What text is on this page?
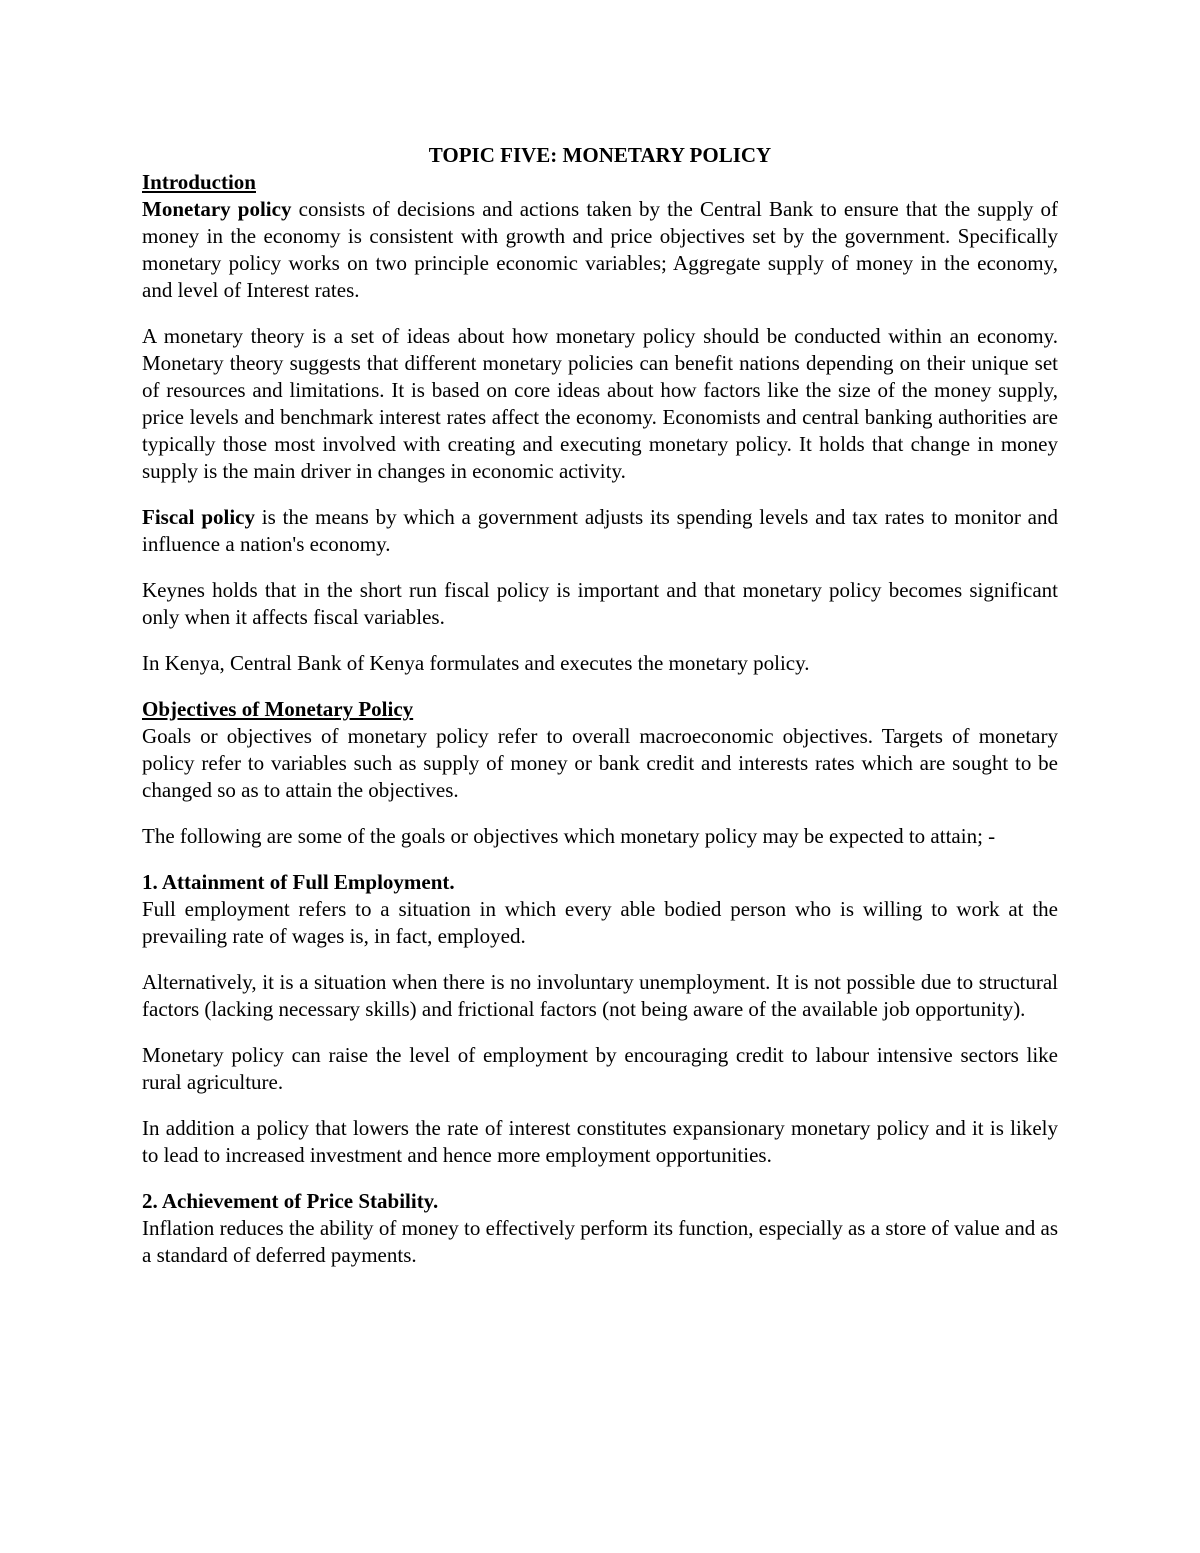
TOPIC FIVE: MONETARY POLICY

Introduction

Monetary policy consists of decisions and actions taken by the Central Bank to ensure that the supply of money in the economy is consistent with growth and price objectives set by the government. Specifically monetary policy works on two principle economic variables; Aggregate supply of money in the economy, and level of Interest rates.

A monetary theory is a set of ideas about how monetary policy should be conducted within an economy. Monetary theory suggests that different monetary policies can benefit nations depending on their unique set of resources and limitations. It is based on core ideas about how factors like the size of the money supply, price levels and benchmark interest rates affect the economy. Economists and central banking authorities are typically those most involved with creating and executing monetary policy. It holds that change in money supply is the main driver in changes in economic activity.

Fiscal policy is the means by which a government adjusts its spending levels and tax rates to monitor and influence a nation's economy.

Keynes holds that in the short run fiscal policy is important and that monetary policy becomes significant only when it affects fiscal variables.

In Kenya, Central Bank of Kenya formulates and executes the monetary policy.

Objectives of Monetary Policy

Goals or objectives of monetary policy refer to overall macroeconomic objectives. Targets of monetary policy refer to variables such as supply of money or bank credit and interests rates which are sought to be changed so as to attain the objectives.

The following are some of the goals or objectives which monetary policy may be expected to attain; -

1. Attainment of Full Employment.

Full employment refers to a situation in which every able bodied person who is willing to work at the prevailing rate of wages is, in fact, employed.

Alternatively, it is a situation when there is no involuntary unemployment. It is not possible due to structural factors (lacking necessary skills) and frictional factors (not being aware of the available job opportunity).

Monetary policy can raise the level of employment by encouraging credit to labour intensive sectors like rural agriculture.

In addition a policy that lowers the rate of interest constitutes expansionary monetary policy and it is likely to lead to increased investment and hence more employment opportunities.

2. Achievement of Price Stability.

Inflation reduces the ability of money to effectively perform its function, especially as a store of value and as a standard of deferred payments.
